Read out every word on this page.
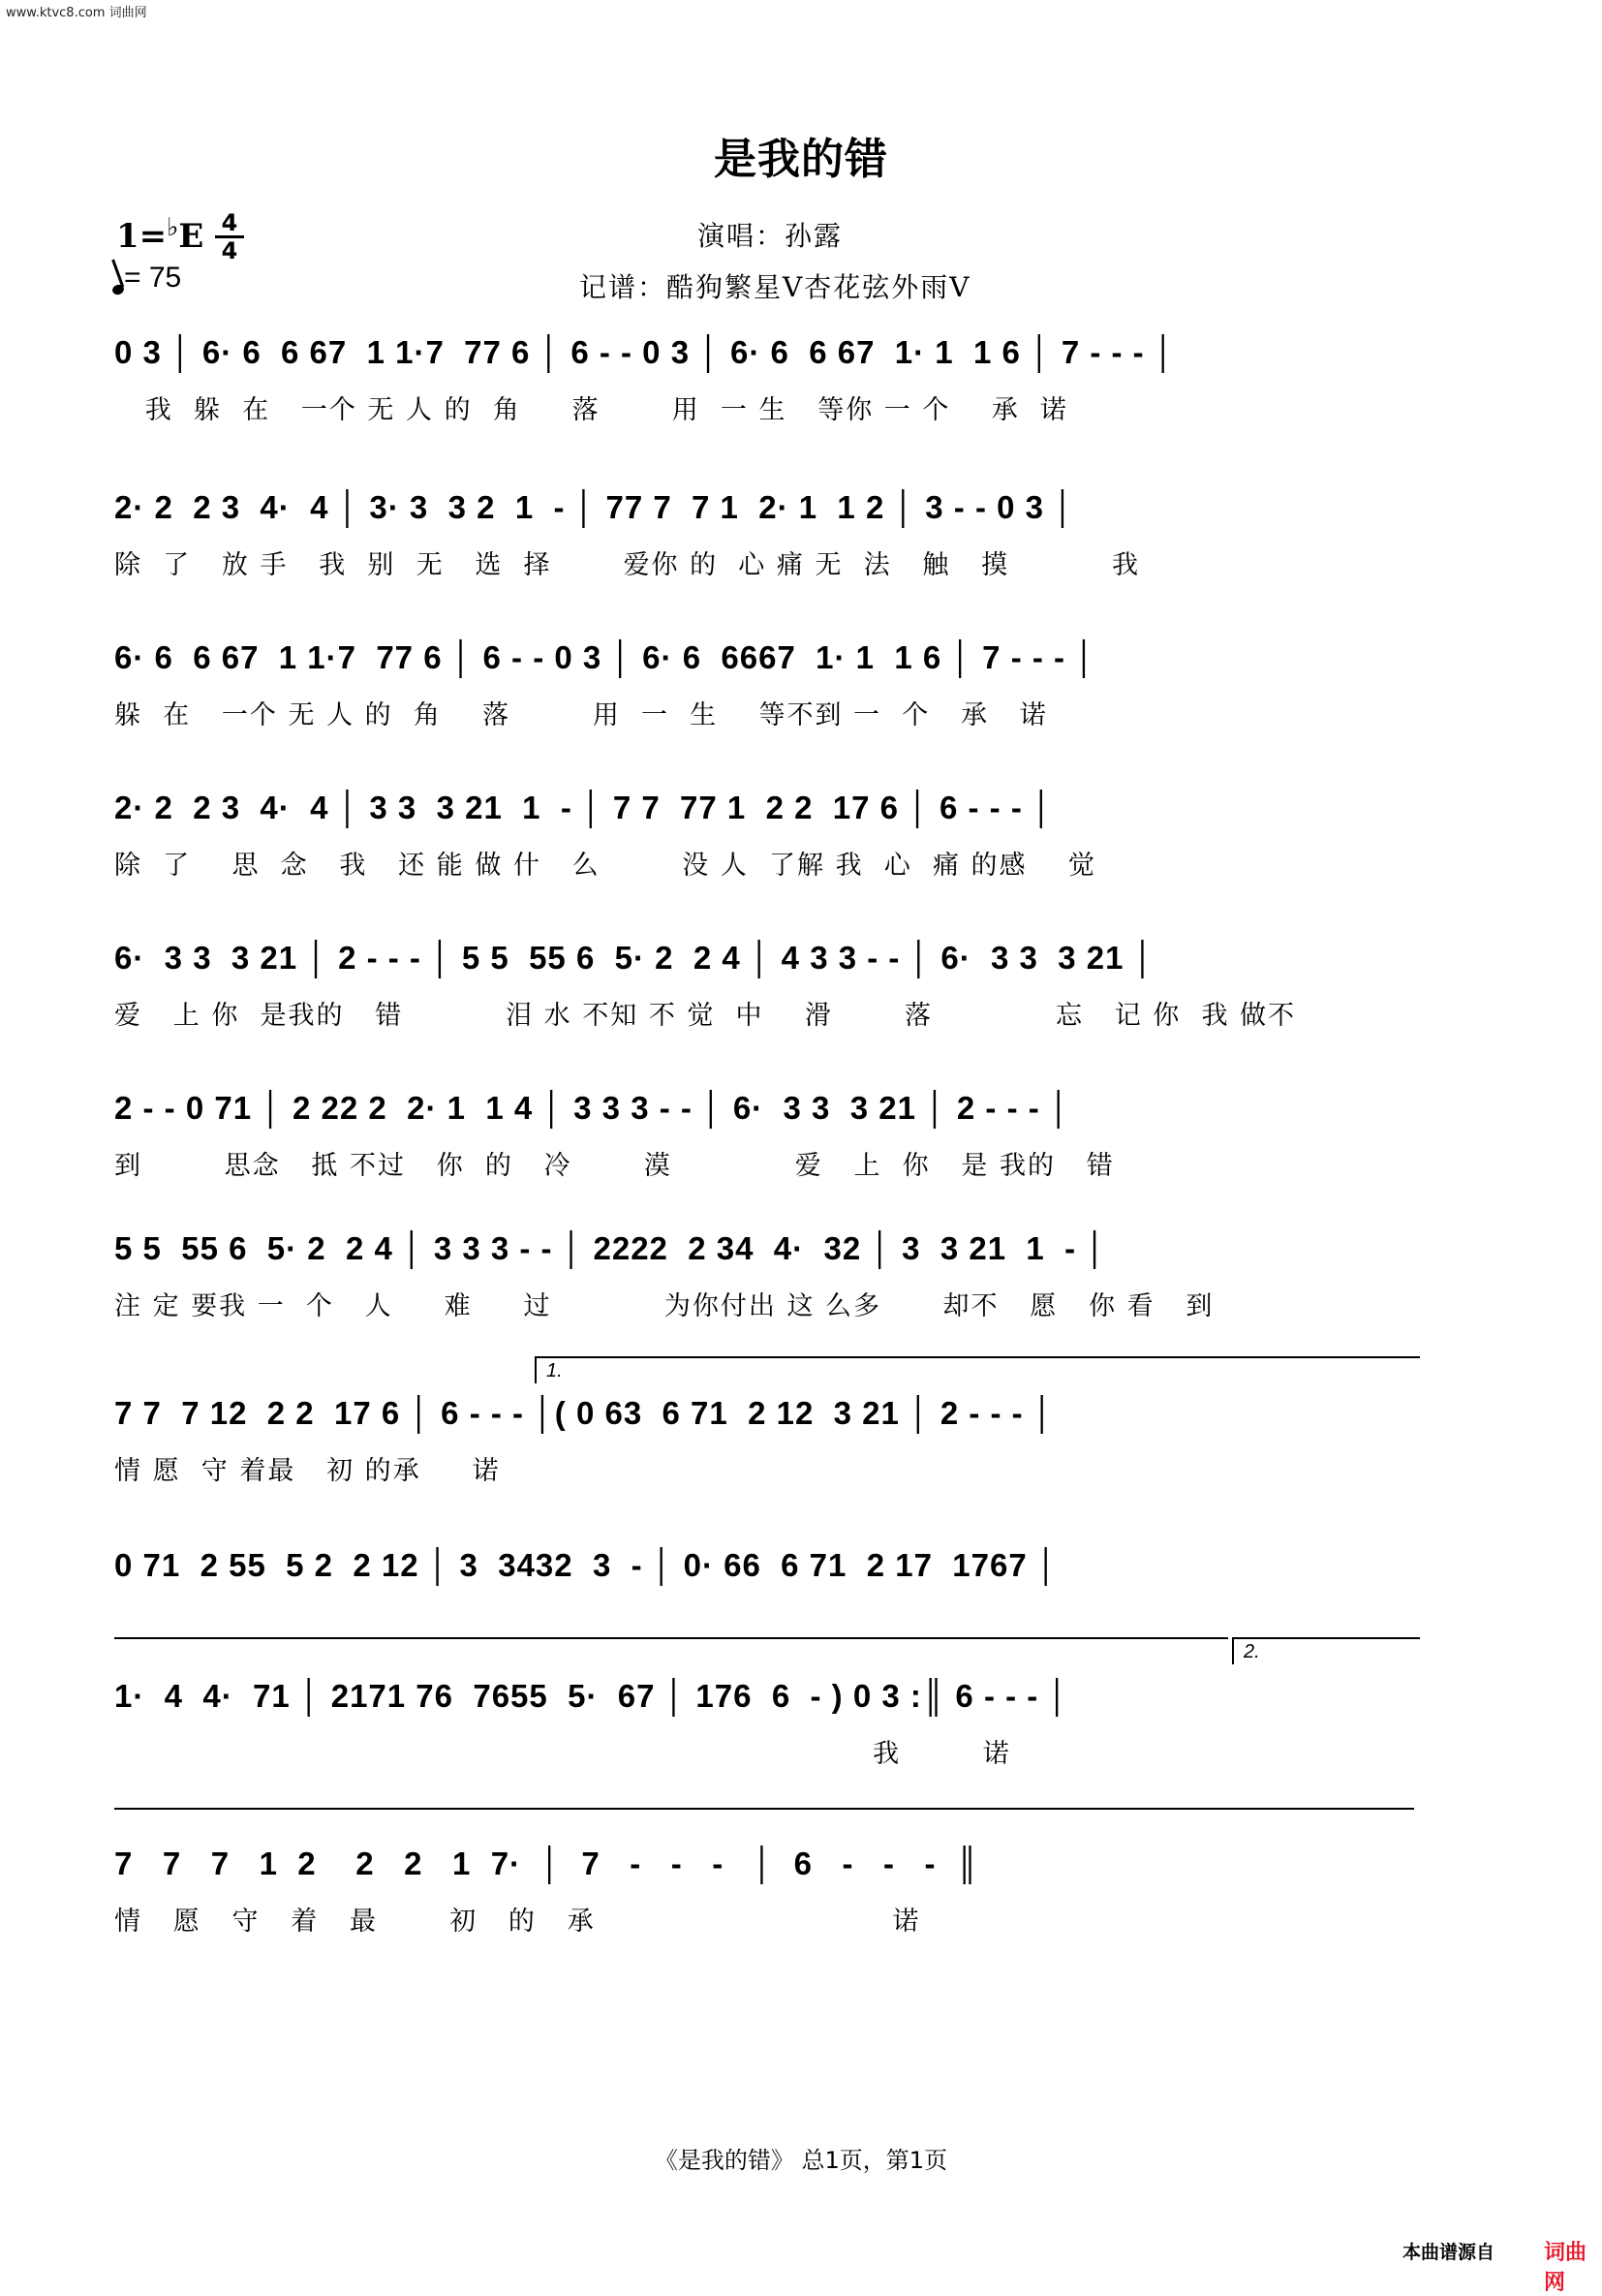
www.ktvc8.com 词曲网
是我的错
1=♭E 4
4
= 75
演唱：孙露
记谱：酷狗繁星V杏花弦外雨V
0 3 │ 6· 6  6 67  1 1·7  77 6 │ 6 - - 0 3 │ 6· 6  6 67  1· 1  1 6 │ 7 - - - │
我  躲  在   一个 无 人 的  角     落       用  一 生   等你 一 个    承  诺
2· 2  2 3  4·  4 │ 3· 3  3 2  1  - │ 77 7  7 1  2· 1  1 2 │ 3 - - 0 3 │
除  了   放 手   我  别  无   选  择       爱你 的  心 痛 无  法   触   摸          我
6· 6  6 67  1 1·7  77 6 │ 6 - - 0 3 │ 6· 6  6667  1· 1  1 6 │ 7 - - - │
躲  在   一个 无 人 的  角    落        用  一  生    等不到 一  个   承   诺
2· 2  2 3  4·  4 │ 3 3  3 21  1  - │ 7 7  77 1  2 2  17 6 │ 6 - - - │
除  了    思  念   我   还 能 做 什   么        没 人  了解 我  心  痛 的感    觉
6·  3 3  3 21 │ 2 - - - │ 5 5  55 6  5· 2  2 4 │ 4 3 3 - - │ 6·  3 3  3 21 │
爱   上 你  是我的   错          泪 水 不知 不 觉  中    滑       落            忘   记 你  我 做不
2 - - 0 71 │ 2 22 2  2· 1  1 4 │ 3 3 3 - - │ 6·  3 3  3 21 │ 2 - - - │
到        思念   抵 不过   你  的   冷       漠            爱   上  你   是 我的   错
5 5  55 6  5· 2  2 4 │ 3 3 3 - - │ 2222  2 34  4·  32 │ 3  3 21  1  - │
注 定 要我 一  个   人     难     过           为你付出 这 么多      却不   愿   你 看   到
1.
7 7  7 12  2 2  17 6 │ 6 - - - │( 0 63  6 71  2 12  3 21 │ 2 - - - │
情 愿  守 着最   初 的承     诺
0 71  2 55  5 2  2 12 │ 3  3432  3  - │ 0· 66  6 71  2 17  1767 │
2.
1·  4  4·  71 │ 2171 76  7655  5·  67 │ 176  6  - ) 0 3 :║ 6 - - - │
我        诺
7   7   7   1  2    2   2   1  7·  │  7   -   -   -   │  6   -   -   -  ║
情   愿   守   着   最       初   的   承                             诺
《是我的错》 总1页，第1页
本曲谱源自 词曲网
